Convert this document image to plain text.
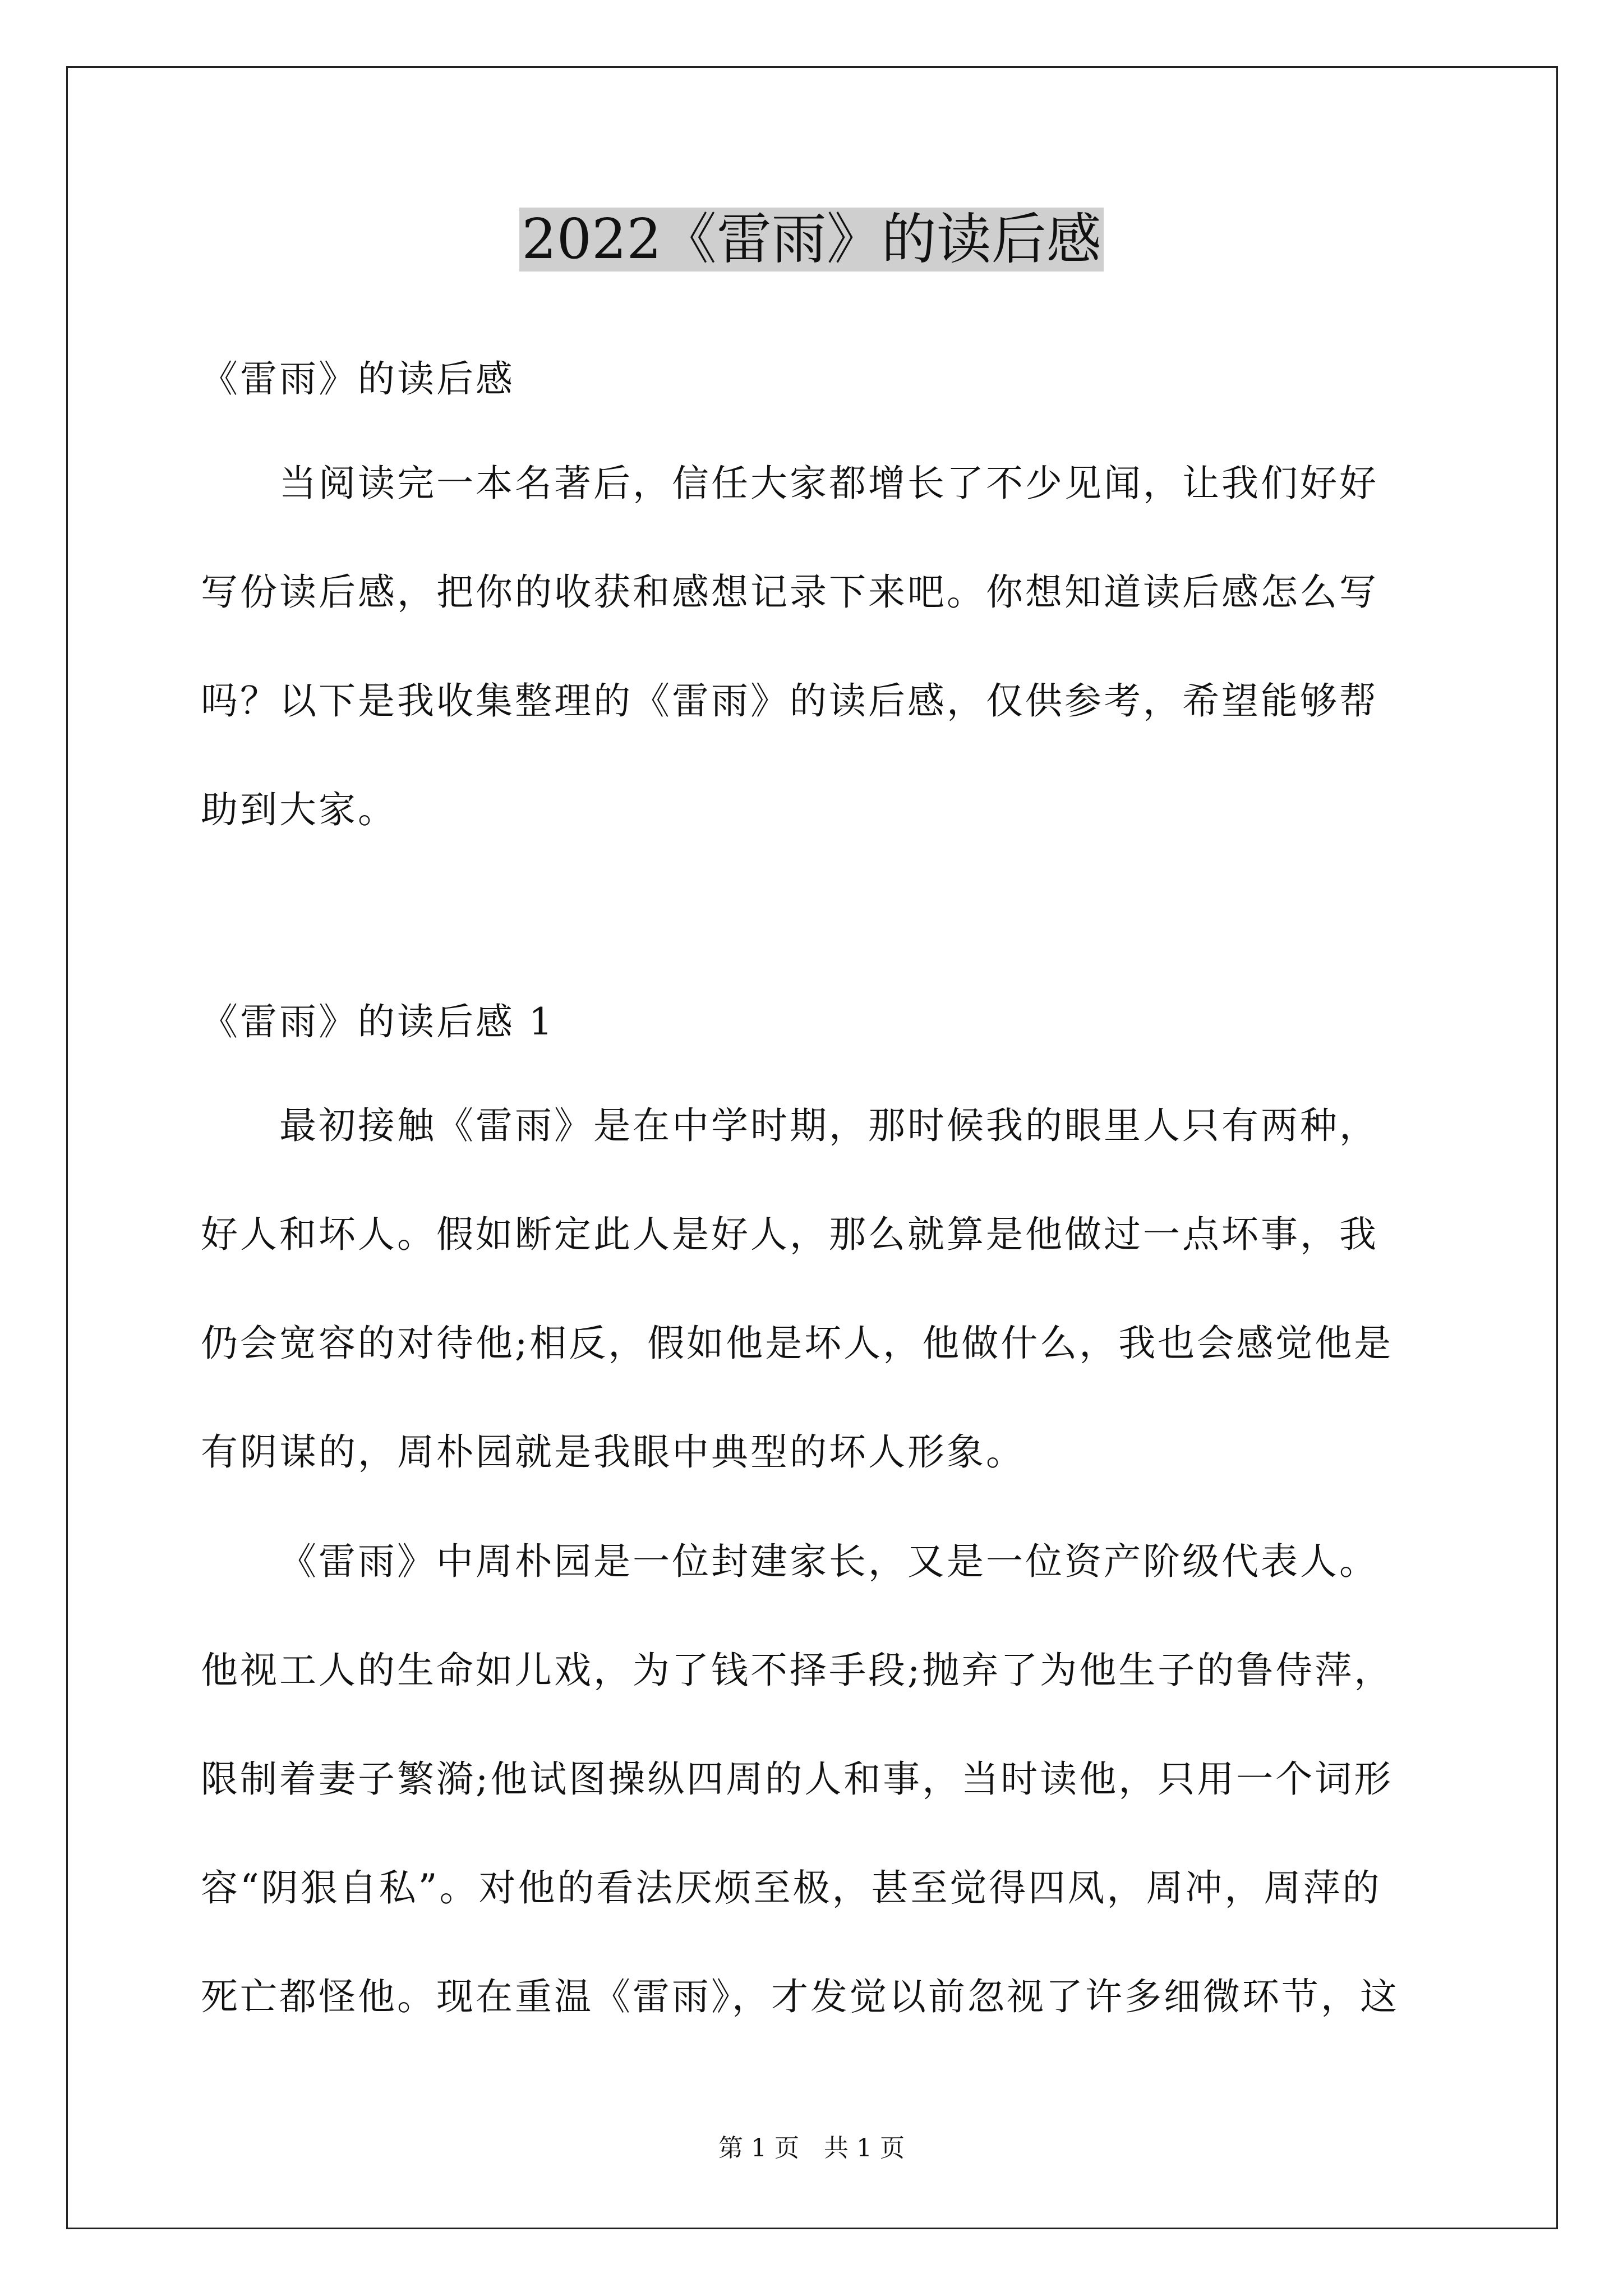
2022《雷雨》的读后感
《雷雨》的读后感
当阅读完一本名著后，信任大家都增长了不少见闻，让我们好好
写份读后感，把你的收获和感想记录下来吧。你想知道读后感怎么写
吗？以下是我收集整理的《雷雨》的读后感，仅供参考，希望能够帮
助到大家。
《雷雨》的读后感 1
最初接触《雷雨》是在中学时期，那时候我的眼里人只有两种，
好人和坏人。假如断定此人是好人，那么就算是他做过一点坏事，我
仍会宽容的对待他;相反，假如他是坏人，他做什么，我也会感觉他是
有阴谋的，周朴园就是我眼中典型的坏人形象。
《雷雨》中周朴园是一位封建家长，又是一位资产阶级代表人。
他视工人的生命如儿戏，为了钱不择手段;抛弃了为他生子的鲁侍萍，
限制着妻子繁漪;他试图操纵四周的人和事，当时读他，只用一个词形
容“阴狠自私”。对他的看法厌烦至极，甚至觉得四凤，周冲，周萍的
死亡都怪他。现在重温《雷雨》，才发觉以前忽视了许多细微环节，这
第 1 页 共 1 页
